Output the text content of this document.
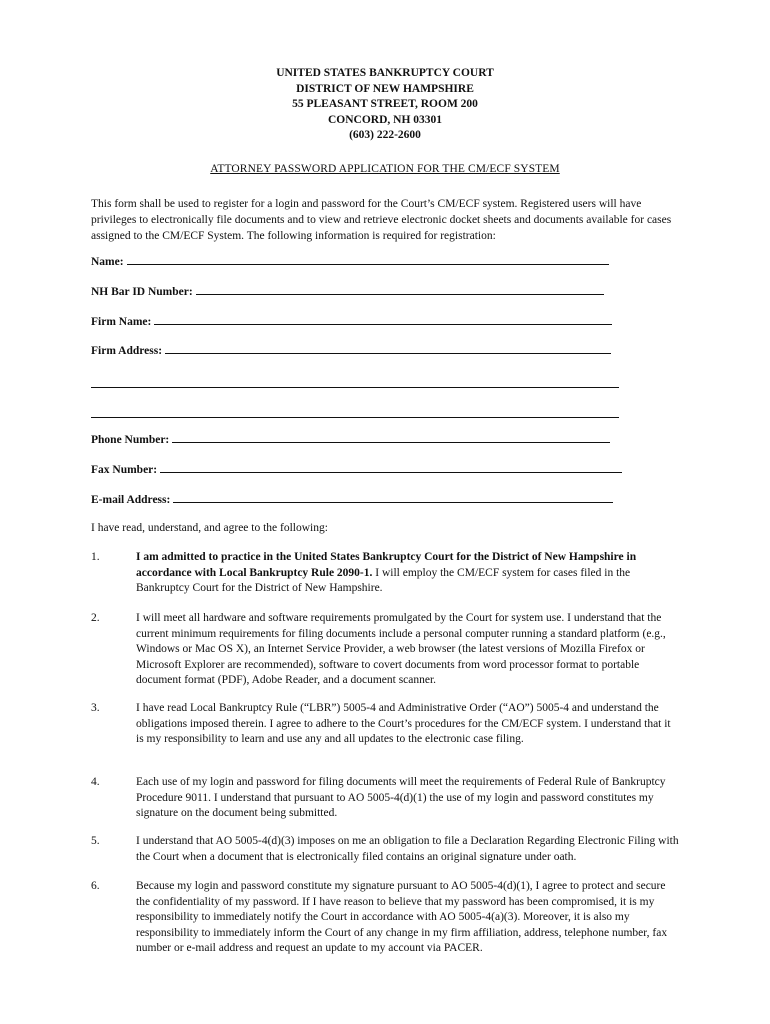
UNITED STATES BANKRUPTCY COURT
DISTRICT OF NEW HAMPSHIRE
55 PLEASANT STREET, ROOM 200
CONCORD, NH 03301
(603) 222-2600
ATTORNEY PASSWORD APPLICATION FOR THE CM/ECF SYSTEM
This form shall be used to register for a login and password for the Court’s CM/ECF system. Registered users will have privileges to electronically file documents and to view and retrieve electronic docket sheets and documents available for cases assigned to the CM/ECF System. The following information is required for registration:
Name:
NH Bar ID Number:
Firm Name:
Firm Address:
Phone Number:
Fax Number:
E-mail Address:
I have read, understand, and agree to the following:
1.	I am admitted to practice in the United States Bankruptcy Court for the District of New Hampshire in accordance with Local Bankruptcy Rule 2090-1. I will employ the CM/ECF system for cases filed in the Bankruptcy Court for the District of New Hampshire.
2.	I will meet all hardware and software requirements promulgated by the Court for system use. I understand that the current minimum requirements for filing documents include a personal computer running a standard platform (e.g., Windows or Mac OS X), an Internet Service Provider, a web browser (the latest versions of Mozilla Firefox or Microsoft Explorer are recommended), software to covert documents from word processor format to portable document format (PDF), Adobe Reader, and a document scanner.
3.	I have read Local Bankruptcy Rule (“LBR”) 5005-4 and Administrative Order (“AO”) 5005-4 and understand the obligations imposed therein. I agree to adhere to the Court’s procedures for the CM/ECF system. I understand that it is my responsibility to learn and use any and all updates to the electronic case filing.
4.	Each use of my login and password for filing documents will meet the requirements of Federal Rule of Bankruptcy Procedure 9011. I understand that pursuant to AO 5005-4(d)(1) the use of my login and password constitutes my signature on the document being submitted.
5.	I understand that AO 5005-4(d)(3) imposes on me an obligation to file a Declaration Regarding Electronic Filing with the Court when a document that is electronically filed contains an original signature under oath.
6.	Because my login and password constitute my signature pursuant to AO 5005-4(d)(1), I agree to protect and secure the confidentiality of my password. If I have reason to believe that my password has been compromised, it is my responsibility to immediately notify the Court in accordance with AO 5005-4(a)(3). Moreover, it is also my responsibility to immediately inform the Court of any change in my firm affiliation, address, telephone number, fax number or e-mail address and request an update to my account via PACER.
